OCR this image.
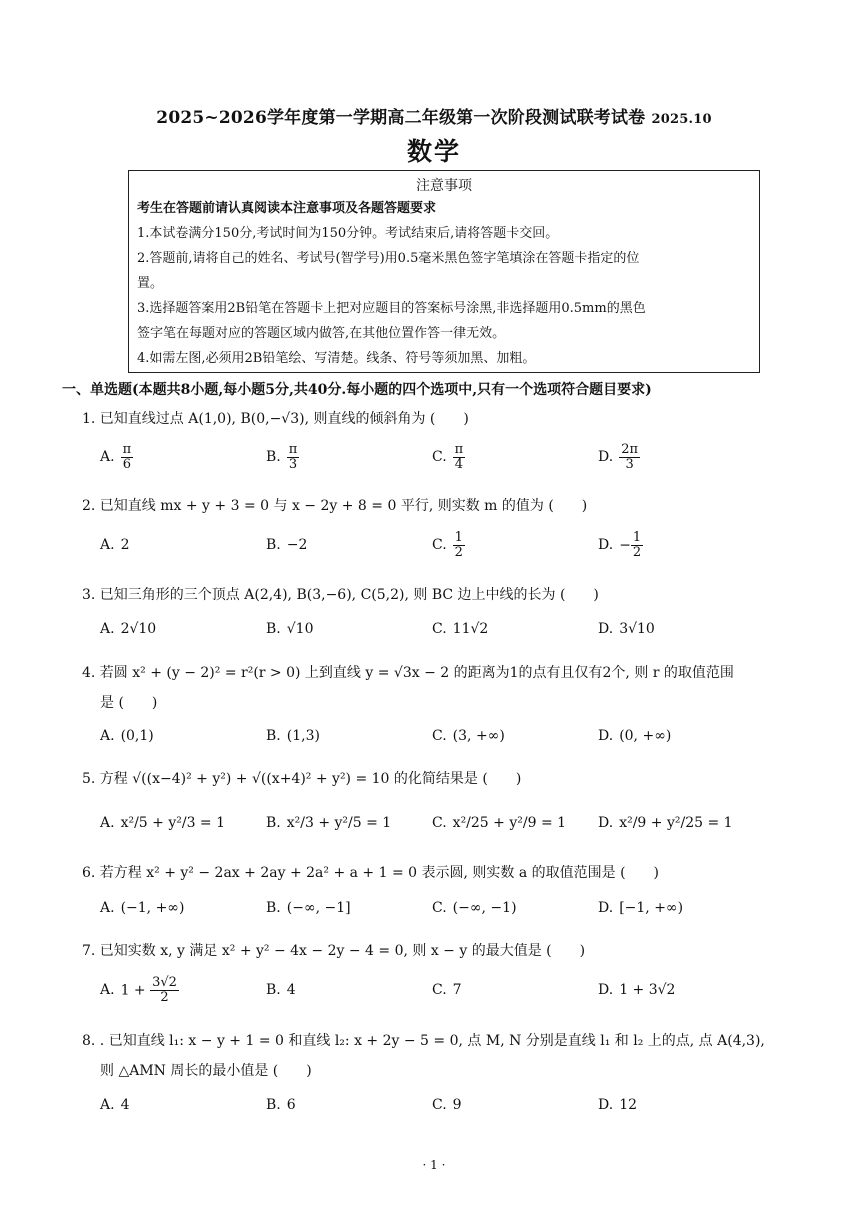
2025~2026学年度第一学期高二年级第一次阶段测试联考试卷 2025.10
数学
注意事项
考生在答题前请认真阅读本注意事项及各题答题要求
1.本试卷满分150分,考试时间为150分钟。考试结束后,请将答题卡交回。
2.答题前,请将自己的姓名、考试号(智学号)用0.5毫米黑色签字笔填涂在答题卡指定的位
置。
3.选择题答案用2B铅笔在答题卡上把对应题目的答案标号涂黑,非选择题用0.5mm的黑色
签字笔在每题对应的答题区域内做答,在其他位置作答一律无效。
4.如需左图,必须用2B铅笔绘、写清楚。线条、符号等须加黑、加粗。
一、单选题(本题共8小题,每小题5分,共40分.每小题的四个选项中,只有一个选项符合题目要求)
1. 已知直线过点 A(1,0), B(0,−√3), 则直线的倾斜角为 (　　)
A. $\frac{\pi}{6}$	B. $\frac{\pi}{3}$	C. $\frac{\pi}{4}$	D. $\frac{2\pi}{3}$
2. 已知直线 mx + y + 3 = 0 与 x − 2y + 8 = 0 平行, 则实数 m 的值为 (　　)
A. 2	B. −2	C. $\frac{1}{2}$	D. − $\frac{1}{2}$
3. 已知三角形的三个顶点 A(2,4), B(3,−6), C(5,2), 则 BC 边上中线的长为 (　　)
A. 2√10	B. √10	C. 11√2	D. 3√10
4. 若圆 x² + (y − 2)² = r²(r > 0) 上到直线 y = √3x − 2 的距离为1的点有且仅有2个, 则 r 的取值范围
是 (　　)
A. (0,1)	B. (1,3)	C. (3, +∞)	D. (0, +∞)
5. 方程 √((x−4)² + y²) + √((x+4)² + y²) = 10 的化简结果是 (　　)
A. x²/5 + y²/3 = 1	B. x²/3 + y²/5 = 1	C. x²/25 + y²/9 = 1 D. x²/9 + y²/25 = 1
6. 若方程 x² + y² − 2ax + 2ay + 2a² + a + 1 = 0 表示圆, 则实数 a 的取值范围是 (　　)
A. (−1, +∞)	B. (−∞, −1]	C. (−∞, −1)	D. [−1, +∞)
7. 已知实数 x, y 满足 x² + y² − 4x − 2y − 4 = 0, 则 x − y 的最大值是 (　　)
A. $1 + \frac{3√2}{2}$	B. 4	C. 7	D. 1 + 3√2
8. . 已知直线 l₁: x − y + 1 = 0 和直线 l₂: x + 2y − 5 = 0, 点 M, N 分别是直线 l₁ 和 l₂ 上的点, 点 A(4,3),
则 △AMN 周长的最小值是 (　　)
A. 4	B. 6	C. 9	D. 12
· 1 ·
